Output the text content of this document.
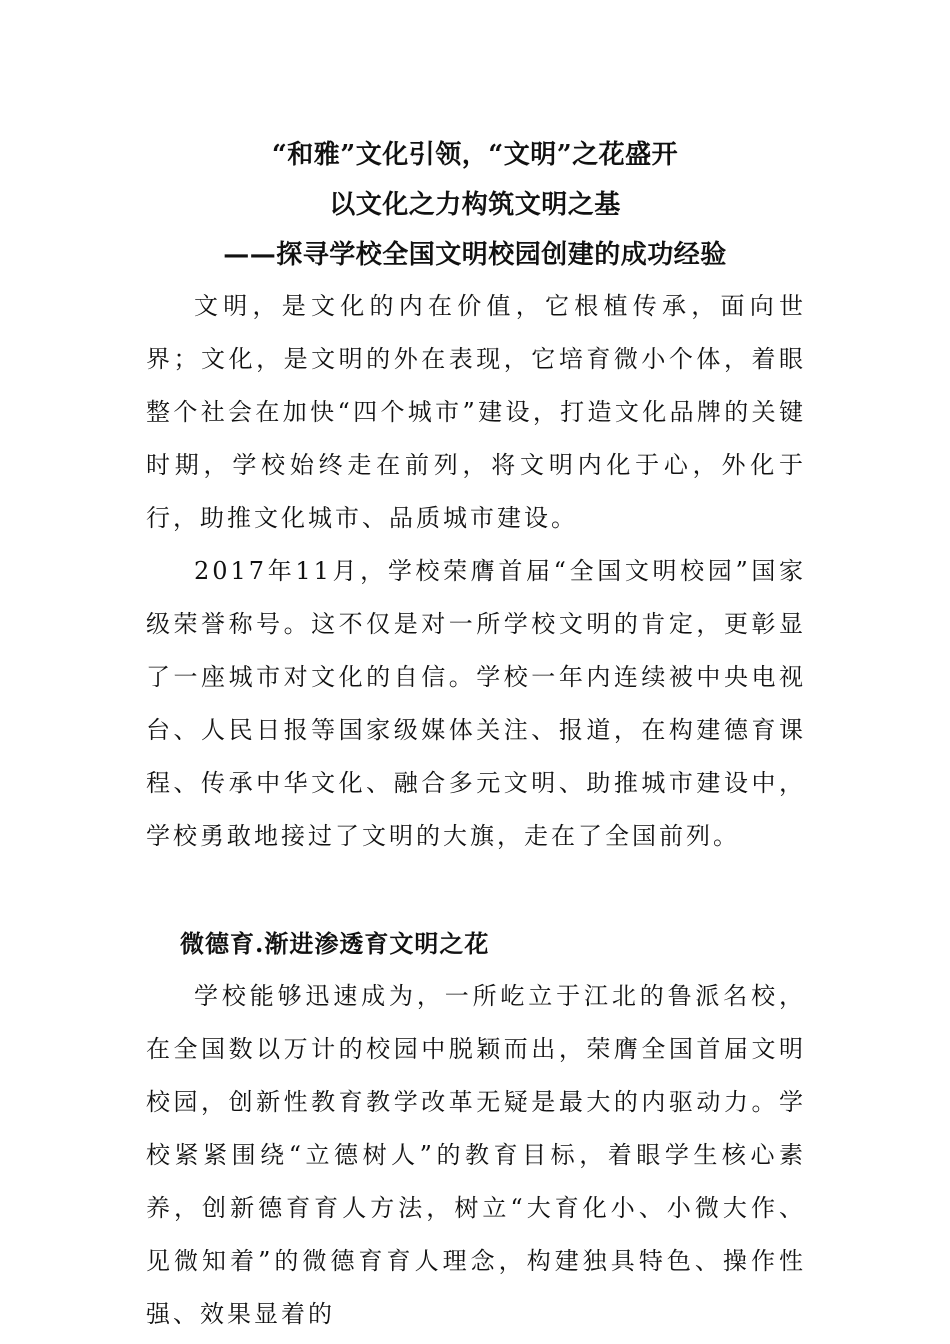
“和雅”文化引领，“文明”之花盛开
以文化之力构筑文明之基
——探寻学校全国文明校园创建的成功经验

文明，是文化的内在价值，它根植传承，面向世界；文化，是文明的外在表现，它培育微小个体，着眼整个社会在加快“四个城市”建设，打造文化品牌的关键时期，学校始终走在前列，将文明内化于心，外化于行，助推文化城市、品质城市建设。

2017年11月，学校荣膺首届“全国文明校园”国家级荣誉称号。这不仅是对一所学校文明的肯定，更彰显了一座城市对文化的自信。学校一年内连续被中央电视台、人民日报等国家级媒体关注、报道，在构建德育课程、传承中华文化、融合多元文明、助推城市建设中，学校勇敢地接过了文明的大旗，走在了全国前列。

微德育.渐进渗透育文明之花

学校能够迅速成为，一所屹立于江北的鲁派名校，在全国数以万计的校园中脱颖而出，荣膺全国首届文明校园，创新性教育教学改革无疑是最大的内驱动力。学校紧紧围绕“立德树人”的教育目标，着眼学生核心素养，创新德育育人方法，树立“大育化小、小微大作、见微知着”的微德育育人理念，构建独具特色、操作性强、效果显着的
